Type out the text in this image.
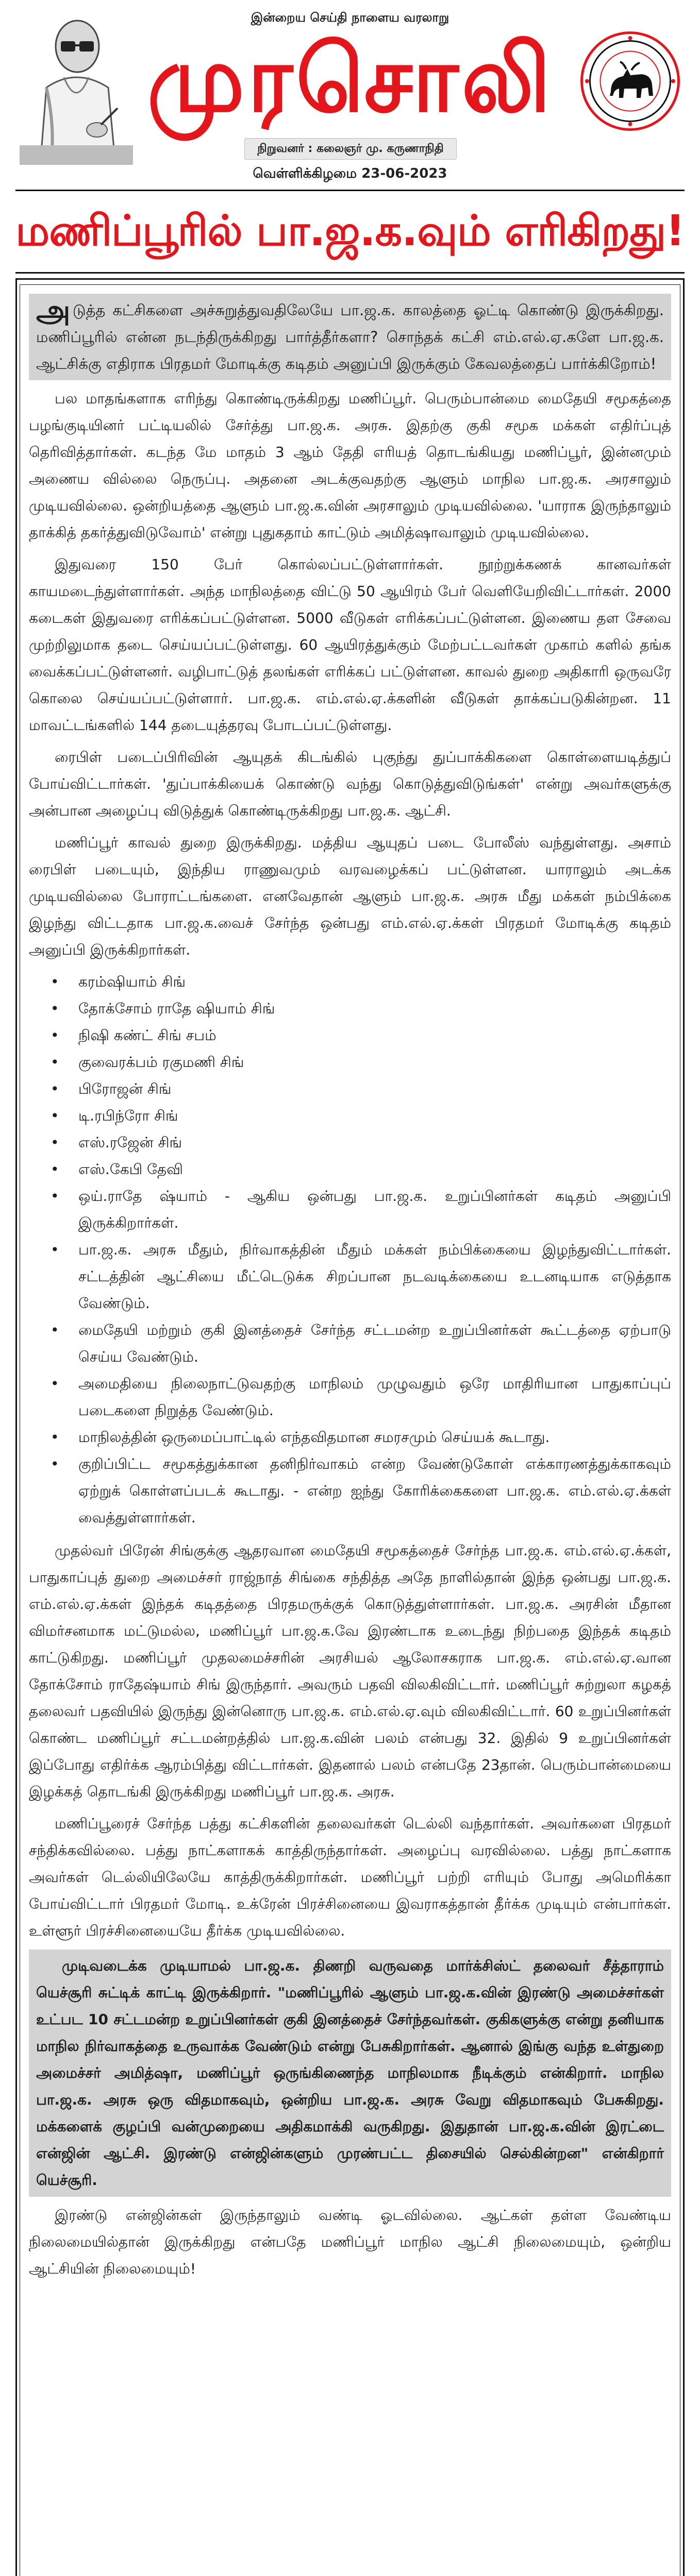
இன்றைய செய்தி நாளைய வரலாறு
முரசொலி
நிறுவனர் : கலைஞர் மு. கருணாநிதி
வெள்ளிக்கிழமை 23-06-2023
மணிப்பூரில் பா.ஜ.க.வும் எரிகிறது!
அடுத்த கட்சிகளை அச்சுறுத்துவதிலேயே பா.ஜ.க. காலத்தை ஓட்டி கொண்டு இருக்கிறது. மணிப்பூரில் என்ன நடந்திருக்கிறது பார்த்தீர்களா? சொந்தக் கட்சி எம்.எல்.ஏ.களே பா.ஜ.க. ஆட்சிக்கு எதிராக பிரதமர் மோடிக்கு கடிதம் அனுப்பி இருக்கும் கேவலத்தைப் பார்க்கிறோம்!

பல மாதங்களாக எரிந்து கொண்டிருக்கிறது மணிப்பூர். பெரும்பான்மை மைதேயி சமூகத்தை பழங்குடியினர் பட்டியலில் சேர்த்து பா.ஜ.க. அரசு. இதற்கு குகி சமூக மக்கள் எதிர்ப்புத் தெரிவித்தார்கள். கடந்த மே மாதம் 3 ஆம் தேதி எரியத் தொடங்கியது மணிப்பூர், இன்னமும் அணைய வில்லை நெருப்பு. அதனை அடக்குவதற்கு ஆளும் மாநில பா.ஜ.க. அரசாலும் முடியவில்லை. ஒன்றியத்தை ஆளும் பா.ஜ.க.வின் அரசாலும் முடியவில்லை. 'யாராக இருந்தாலும் தாக்கித் தகர்த்துவிடுவோம்' என்று புதுகதாம் காட்டும் அமித்ஷாவாலும் முடியவில்லை.

இதுவரை 150 பேர் கொல்லப்பட்டுள்ளார்கள். நூற்றுக்கணக் கானவர்கள் காயமடைந்துள்ளார்கள். அந்த மாநிலத்தை விட்டு 50 ஆயிரம் பேர் வெளியேறிவிட்டார்கள். 2000 கடைகள் இதுவரை எரிக்கப்பட்டுள்ளன. 5000 வீடுகள் எரிக்கப்பட்டுள்ளன. இணைய தள சேவை முற்றிலுமாக தடை செய்யப்பட்டுள்ளது. 60 ஆயிரத்துக்கும் மேற்பட்டவர்கள் முகாம் களில் தங்க வைக்கப்பட்டுள்ளனர். வழிபாட்டுத் தலங்கள் எரிக்கப் பட்டுள்ளன. காவல் துறை அதிகாரி ஒருவரே கொலை செய்யப்பட்டுள்ளார். பா.ஜ.க. எம்.எல்.ஏ.க்களின் வீடுகள் தாக்கப்படுகின்றன. 11 மாவட்டங்களில் 144 தடையுத்தரவு போடப்பட்டுள்ளது.

ரைபிள் படைப்பிரிவின் ஆயுதக் கிடங்கில் புகுந்து துப்பாக்கிகளை கொள்ளையடித்துப் போய்விட்டார்கள். 'துப்பாக்கியைக் கொண்டு வந்து கொடுத்துவிடுங்கள்' என்று அவர்களுக்கு அன்பான அழைப்பு விடுத்துக் கொண்டிருக்கிறது பா.ஜ.க. ஆட்சி.

மணிப்பூர் காவல் துறை இருக்கிறது. மத்திய ஆயுதப் படை போலீஸ் வந்துள்ளது. அசாம் ரைபிள் படையும், இந்திய ராணுவமும் வரவழைக்கப் பட்டுள்ளன. யாராலும் அடக்க முடியவில்லை போராட்டங்களை. எனவேதான் ஆளும் பா.ஜ.க. அரசு மீது மக்கள் நம்பிக்கை இழந்து விட்டதாக பா.ஜ.க.வைச் சேர்ந்த ஒன்பது எம்.எல்.ஏ.க்கள் பிரதமர் மோடிக்கு கடிதம் அனுப்பி இருக்கிறார்கள்.

• கரம்ஷியாம் சிங்
• தோக்சோம் ராதே ஷியாம் சிங்
• நிஷி கண்ட் சிங் சபம்
• குவைரக்பம் ரகுமணி சிங்
• பிரோஜன் சிங்
• டி.ரபிந்ரோ சிங்
• எஸ்.ரஜேன் சிங்
• எஸ்.கேபி தேவி
• ஒய்.ராதே ஷ்யாம் - ஆகிய ஒன்பது பா.ஜ.க. உறுப்பினர்கள் கடிதம் அனுப்பி இருக்கிறார்கள்.
• பா.ஜ.க. அரசு மீதும், நிர்வாகத்தின் மீதும் மக்கள் நம்பிக்கையை இழந்துவிட்டார்கள். சட்டத்தின் ஆட்சியை மீட்டெடுக்க சிறப்பான நடவடிக்கையை உடனடியாக எடுத்தாக வேண்டும்.
• மைதேயி மற்றும் குகி இனத்தைச் சேர்ந்த சட்டமன்ற உறுப்பினர்கள் கூட்டத்தை ஏற்பாடு செய்ய வேண்டும்.
• அமைதியை நிலைநாட்டுவதற்கு மாநிலம் முழுவதும் ஒரே மாதிரியான பாதுகாப்புப் படைகளை நிறுத்த வேண்டும்.
• மாநிலத்தின் ஒருமைப்பாட்டில் எந்தவிதமான சமரசமும் செய்யக் கூடாது.
• குறிப்பிட்ட சமூகத்துக்கான தனிநிர்வாகம் என்ற வேண்டுகோள் எக்காரணத்துக்காகவும் ஏற்றுக் கொள்ளப்படக் கூடாது. - என்ற ஐந்து கோரிக்கைகளை பா.ஜ.க. எம்.எல்.ஏ.க்கள் வைத்துள்ளார்கள்.

முதல்வர் பிரேன் சிங்குக்கு ஆதரவான மைதேயி சமூகத்தைச் சேர்ந்த பா.ஜ.க. எம்.எல்.ஏ.க்கள், பாதுகாப்புத் துறை அமைச்சர் ராஜ்நாத் சிங்கை சந்தித்த அதே நாளில்தான் இந்த ஒன்பது பா.ஜ.க. எம்.எல்.ஏ.க்கள் இந்தக் கடிதத்தை பிரதமருக்குக் கொடுத்துள்ளார்கள். பா.ஜ.க. அரசின் மீதான விமர்சனமாக மட்டுமல்ல, மணிப்பூர் பா.ஜ.க.வே இரண்டாக உடைந்து நிற்பதை இந்தக் கடிதம் காட்டுகிறது. மணிப்பூர் முதலமைச்சரின் அரசியல் ஆலோசகராக பா.ஜ.க. எம்.எல்.ஏ.வான தோக்சோம் ராதேஷ்யாம் சிங் இருந்தார். அவரும் பதவி விலகிவிட்டார். மணிப்பூர் சுற்றுலா கழகத் தலைவர் பதவியில் இருந்து இன்னொரு பா.ஜ.க. எம்.எல்.ஏ.வும் விலகிவிட்டார். 60 உறுப்பினர்கள் கொண்ட மணிப்பூர் சட்டமன்றத்தில் பா.ஜ.க.வின் பலம் என்பது 32. இதில் 9 உறுப்பினர்கள் இப்போது எதிர்க்க ஆரம்பித்து விட்டார்கள். இதனால் பலம் என்பதே 23தான். பெரும்பான்மையை இழக்கத் தொடங்கி இருக்கிறது மணிப்பூர் பா.ஜ.க. அரசு.

மணிப்பூரைச் சேர்ந்த பத்து கட்சிகளின் தலைவர்கள் டெல்லி வந்தார்கள். அவர்களை பிரதமர் சந்திக்கவில்லை. பத்து நாட்களாகக் காத்திருந்தார்கள். அழைப்பு வரவில்லை. பத்து நாட்களாக அவர்கள் டெல்லியிலேயே காத்திருக்கிறார்கள். மணிப்பூர் பற்றி எரியும் போது அமெரிக்கா போய்விட்டார் பிரதமர் மோடி. உக்ரேன் பிரச்சினையை இவராகத்தான் தீர்க்க முடியும் என்பார்கள். உள்ளூர் பிரச்சினையையே தீர்க்க முடியவில்லை.

முடிவடைக்க முடியாமல் பா.ஜ.க. திணறி வருவதை மார்க்சிஸ்ட் தலைவர் சீத்தாராம் யெச்சூரி சுட்டிக் காட்டி இருக்கிறார். "மணிப்பூரில் ஆளும் பா.ஜ.க.வின் இரண்டு அமைச்சர்கள் உட்பட 10 சட்டமன்ற உறுப்பினர்கள் குகி இனத்தைச் சேர்ந்தவர்கள். குகிகளுக்கு என்று தனியாக மாநில நிர்வாகத்தை உருவாக்க வேண்டும் என்று பேசுகிறார்கள். ஆனால் இங்கு வந்த உள்துறை அமைச்சர் அமித்ஷா, மணிப்பூர் ஒருங்கிணைந்த மாநிலமாக நீடிக்கும் என்கிறார். மாநில பா.ஜ.க. அரசு ஒரு விதமாகவும், ஒன்றிய பா.ஜ.க. அரசு வேறு விதமாகவும் பேசுகிறது. மக்களைக் குழப்பி வன்முறையை அதிகமாக்கி வருகிறது. இதுதான் பா.ஜ.க.வின் இரட்டை என்ஜின் ஆட்சி. இரண்டு என்ஜின்களும் முரண்பட்ட திசையில் செல்கின்றன" என்கிறார் யெச்சூரி.

இரண்டு என்ஜின்கள் இருந்தாலும் வண்டி ஓடவில்லை. ஆட்கள் தள்ள வேண்டிய நிலைமையில்தான் இருக்கிறது என்பதே மணிப்பூர் மாநில ஆட்சி நிலைமையும், ஒன்றிய ஆட்சியின் நிலைமையும்!
